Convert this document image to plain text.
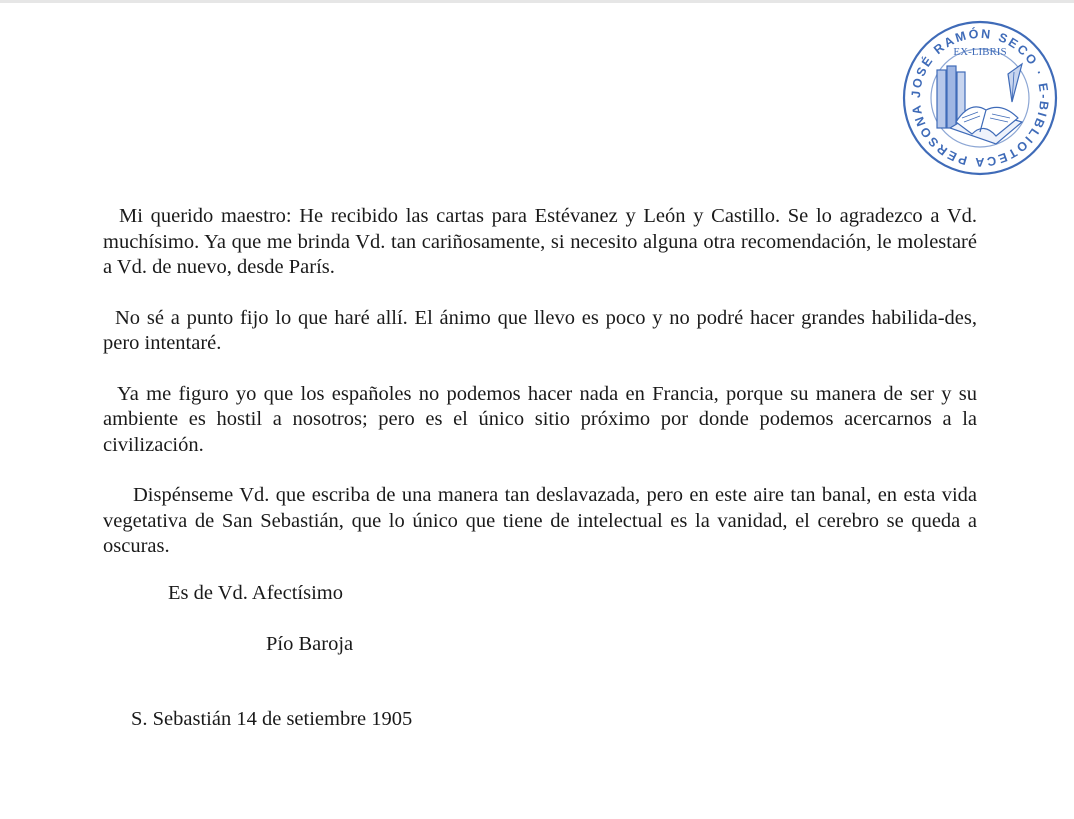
JOSÉ RAMÓN SECO · E-BIBLIOTECA PERSONA
EX-LIBRIS

Mi querido maestro: He recibido las cartas para Estévanez y León y Castillo. Se lo agradezco a Vd. muchísimo. Ya que me brinda Vd. tan cariñosamente, si necesito alguna otra recomendación, le molestaré a Vd. de nuevo, desde París.

No sé a punto fijo lo que haré allí. El ánimo que llevo es poco y no podré hacer grandes habilida-des, pero intentaré.

Ya me figuro yo que los españoles no podemos hacer nada en Francia, porque su manera de ser y su ambiente es hostil a nosotros; pero es el único sitio próximo por donde podemos acercarnos a la civilización.

Dispénseme Vd. que escriba de una manera tan deslavazada, pero en este aire tan banal, en esta vida vegetativa de San Sebastián, que lo único que tiene de intelectual es la vanidad, el cerebro se queda a oscuras.

Es de Vd. Afectísimo
Pío Baroja
S. Sebastián 14 de setiembre 1905
